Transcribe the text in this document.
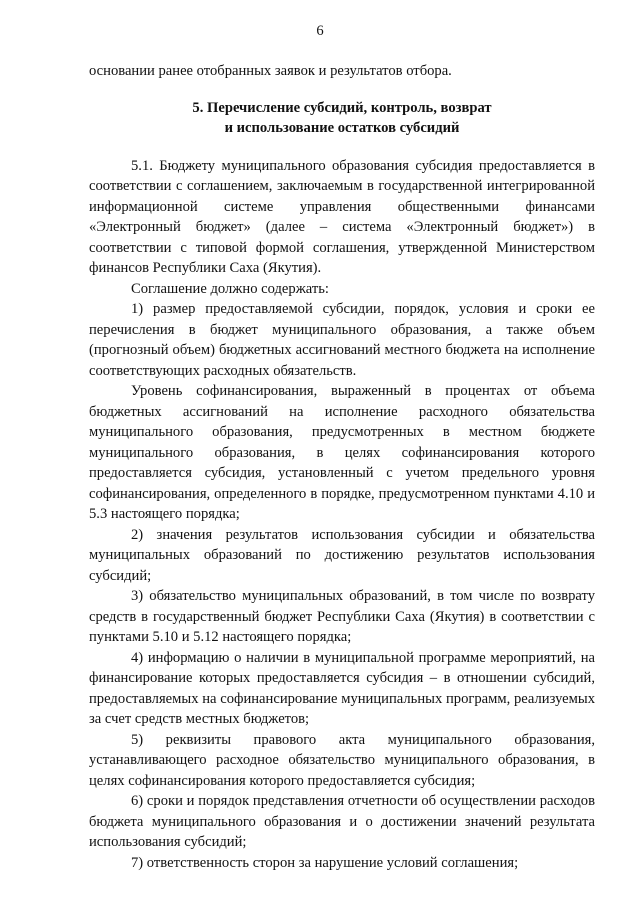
6

основании ранее отобранных заявок и результатов отбора.

5. Перечисление субсидий, контроль, возврат
и использование остатков субсидий

5.1. Бюджету муниципального образования субсидия предоставляется в соответствии с соглашением, заключаемым в государственной интегрированной информационной системе управления общественными финансами «Электронный бюджет» (далее – система «Электронный бюджет») в соответствии с типовой формой соглашения, утвержденной Министерством финансов Республики Саха (Якутия).

Соглашение должно содержать:

1) размер предоставляемой субсидии, порядок, условия и сроки ее перечисления в бюджет муниципального образования, а также объем (прогнозный объем) бюджетных ассигнований местного бюджета на исполнение соответствующих расходных обязательств.

Уровень софинансирования, выраженный в процентах от объема бюджетных ассигнований на исполнение расходного обязательства муниципального образования, предусмотренных в местном бюджете муниципального образования, в целях софинансирования которого предоставляется субсидия, установленный с учетом предельного уровня софинансирования, определенного в порядке, предусмотренном пунктами 4.10 и 5.3 настоящего порядка;

2) значения результатов использования субсидии и обязательства муниципальных образований по достижению результатов использования субсидий;

3) обязательство муниципальных образований, в том числе по возврату средств в государственный бюджет Республики Саха (Якутия) в соответствии с пунктами 5.10 и 5.12 настоящего порядка;

4) информацию о наличии в муниципальной программе мероприятий, на финансирование которых предоставляется субсидия – в отношении субсидий, предоставляемых на софинансирование муниципальных программ, реализуемых за счет средств местных бюджетов;

5) реквизиты правового акта муниципального образования, устанавливающего расходное обязательство муниципального образования, в целях софинансирования которого предоставляется субсидия;

6) сроки и порядок представления отчетности об осуществлении расходов бюджета муниципального образования и о достижении значений результата использования субсидий;

7) ответственность сторон за нарушение условий соглашения;
